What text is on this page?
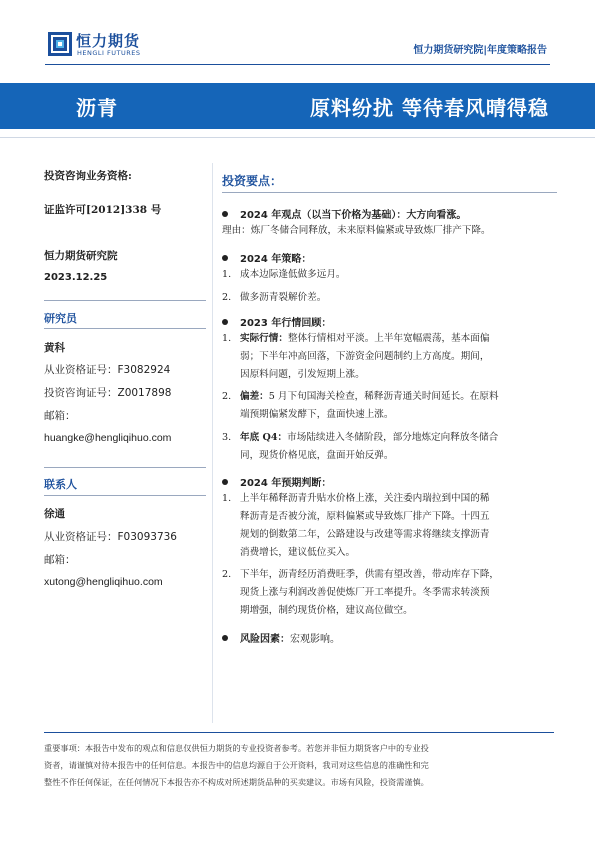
恒力期货
HENGLI FUTURES	恒力期货研究院|年度策略报告
沥青	原料纷扰 等待春风晴得稳
投资咨询业务资格:
证监许可[2012]338 号
恒力期货研究院
2023.12.25
研究员
黄科
从业资格证号：F3082924
投资咨询证号：Z0017898
邮箱：
huangke@hengliqihuo.com
联系人
徐通
从业资格证号：F03093736
邮箱：
xutong@hengliqihuo.com
投资要点：
2024 年观点（以当下价格为基础）：大方向看涨。
理由：炼厂冬储合同释放，未来原料偏紧或导致炼厂排产下降。
2024 年策略：
1. 成本边际逢低做多远月。
2. 做多沥青裂解价差。
2023 年行情回顾：
1. 实际行情：整体行情相对平淡。上半年宽幅震荡，基本面偏
弱；下半年冲高回落，下游资金问题制约上方高度。期间，
因原料问题，引发短期上涨。
2. 偏差：5 月下旬国海关检查，稀释沥青通关时间延长。在原料
端预期偏紧发酵下，盘面快速上涨。
3. 年底 Q4：市场陆续进入冬储阶段，部分地炼定向释放冬储合
同，现货价格见底，盘面开始反弹。
2024 年预期判断：
1. 上半年稀释沥青升贴水价格上涨，关注委内瑞拉到中国的稀
释沥青是否被分流，原料偏紧或导致炼厂排产下降。十四五
规划的倒数第二年，公路建设与改建等需求将继续支撑沥青
消费增长，建议低位买入。
2. 下半年，沥青经历消费旺季，供需有望改善，带动库存下降，
现货上涨与利润改善促使炼厂开工率提升。冬季需求转淡预
期增强，制约现货价格，建议高位做空。
风险因素：宏观影响。
重要事项：本报告中发布的观点和信息仅供恒力期货的专业投资者参考。若您并非恒力期货客户中的专业投
资者，请谨慎对待本报告中的任何信息。本报告中的信息均源自于公开资料，我司对这些信息的准确性和完
整性不作任何保证，在任何情况下本报告亦不构成对所述期货品种的买卖建议。市场有风险，投资需谨慎。
